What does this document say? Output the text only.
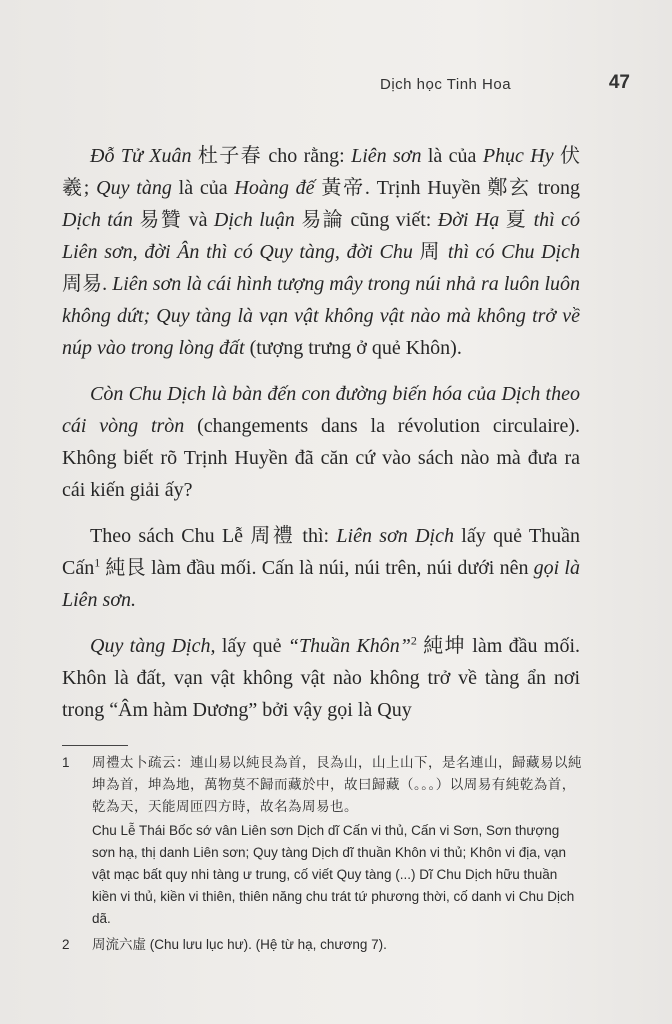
Dịch học Tinh Hoa	47

Đỗ Tử Xuân 杜子春 cho rằng: Liên sơn là của Phục Hy 伏羲; Quy tàng là của Hoàng đế 黃帝. Trịnh Huyền 鄭玄 trong Dịch tán 易贊 và Dịch luận 易論 cũng viết: Đời Hạ 夏 thì có Liên sơn, đời Ân thì có Quy tàng, đời Chu 周 thì có Chu Dịch 周易. Liên sơn là cái hình tượng mây trong núi nhả ra luôn luôn không dứt; Quy tàng là vạn vật không vật nào mà không trở về núp vào trong lòng đất (tượng trưng ở quẻ Khôn).

Còn Chu Dịch là bàn đến con đường biến hóa của Dịch theo cái vòng tròn (changements dans la révolution circulaire). Không biết rõ Trịnh Huyền đã căn cứ vào sách nào mà đưa ra cái kiến giải ấy?

Theo sách Chu Lễ 周禮 thì: Liên sơn Dịch lấy quẻ Thuần Cấn$^1$ 純艮 làm đầu mối. Cấn là núi, núi trên, núi dưới nên gọi là Liên sơn.

Quy tàng Dịch, lấy quẻ “Thuần Khôn”$^2$ 純坤 làm đầu mối. Khôn là đất, vạn vật không vật nào không trở về tàng ẩn nơi trong “Âm hàm Dương” bởi vậy gọi là Quy

1 周禮太卜疏云：連山易以純艮為首，艮為山，山上山下，是名連山，歸藏易以純坤為首，坤為地，萬物莫不歸而藏於中，故曰歸藏（。。。）以周易有純乾為首，乾為天，天能周匝四方時，故名為周易也。
Chu Lễ Thái Bốc sớ vân Liên sơn Dịch dĩ Cấn vi thủ, Cấn vi Sơn, Sơn thượng sơn hạ, thị danh Liên sơn; Quy tàng Dịch dĩ thuần Khôn vi thủ; Khôn vi địa, vạn vật mạc bất quy nhi tàng ư trung, cố viết Quy tàng (...) Dĩ Chu Dịch hữu thuần kiền vi thủ, kiền vi thiên, thiên năng chu trát tứ phương thời, cố danh vi Chu Dịch dã.
2 周流六虛 (Chu lưu lục hư). (Hệ từ hạ, chương 7).
